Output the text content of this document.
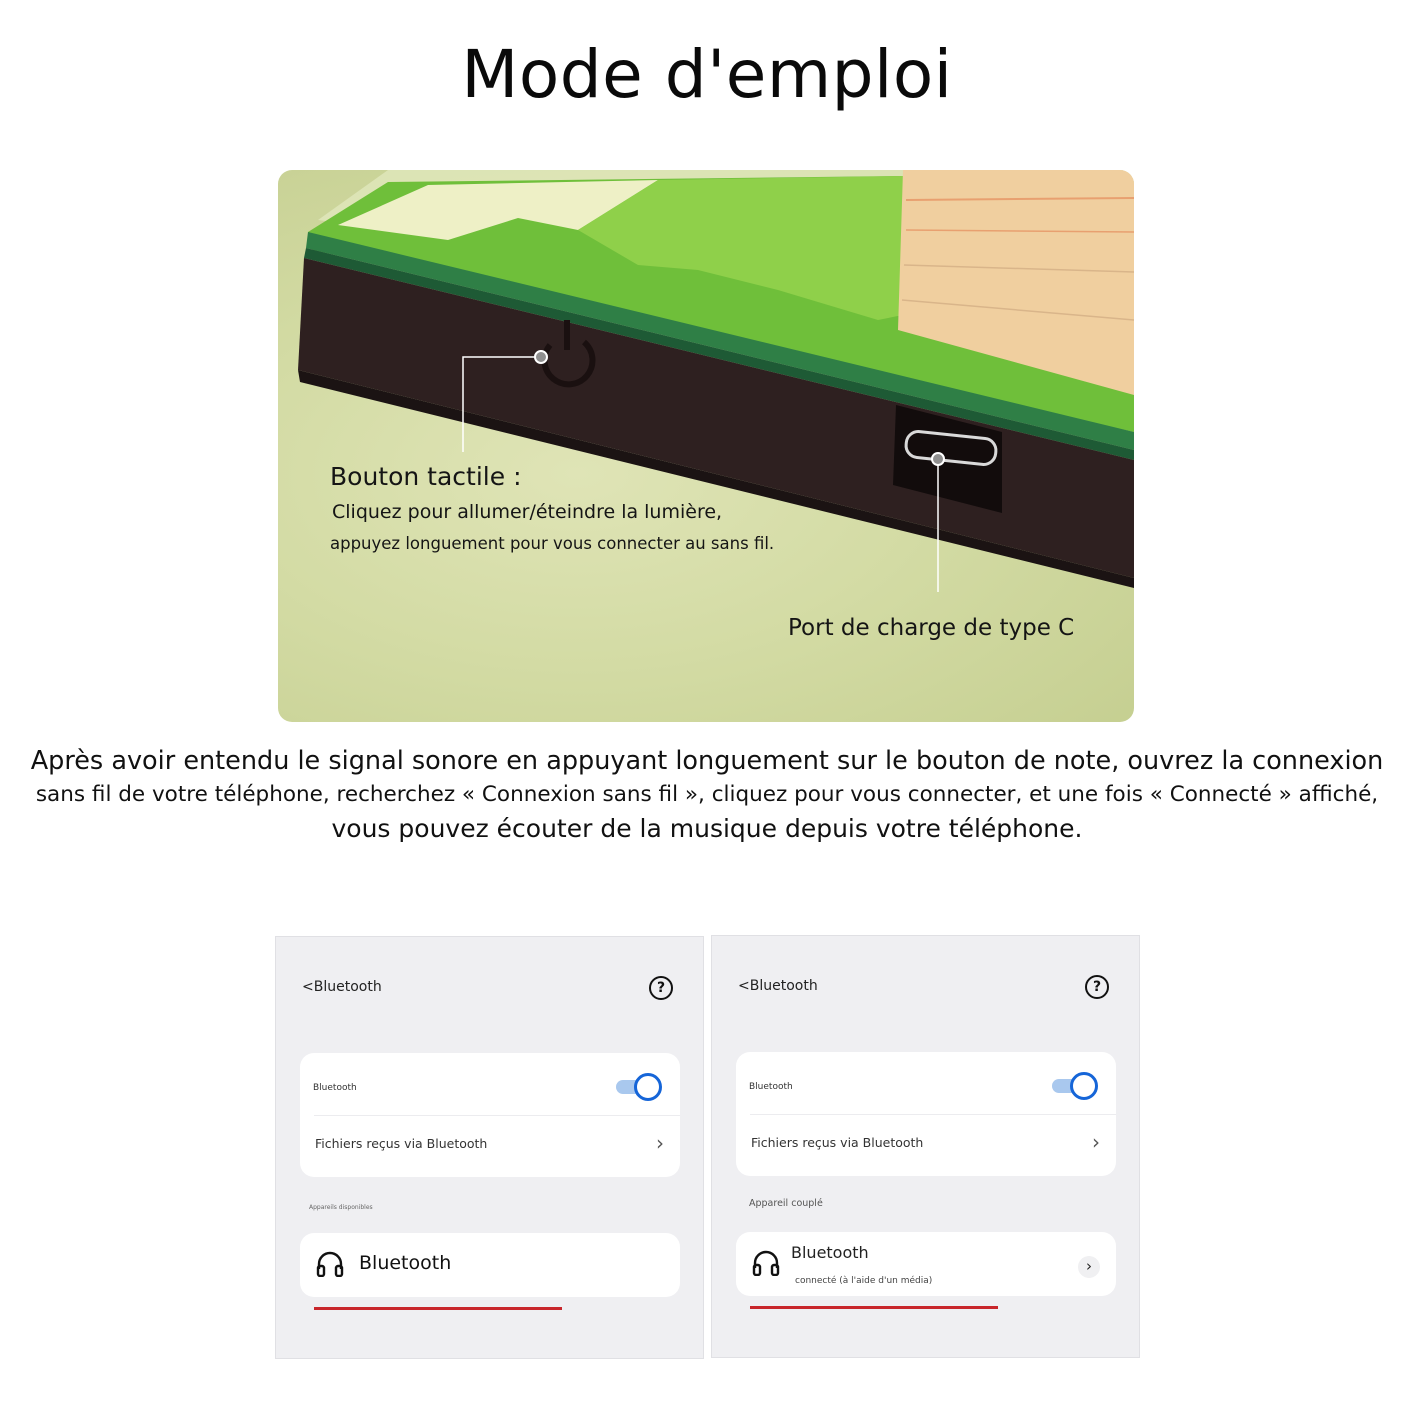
Mode d'emploi
Bouton tactile :
Cliquez pour allumer/éteindre la lumière,
appuyez longuement pour vous connecter au sans fil.
Port de charge de type C
Après avoir entendu le signal sonore en appuyant longuement sur le bouton de note, ouvrez la connexion
sans fil de votre téléphone, recherchez « Connexion sans fil », cliquez pour vous connecter, et une fois « Connecté » affiché,
vous pouvez écouter de la musique depuis votre téléphone.
<Bluetooth	?
Bluetooth
Fichiers reçus via Bluetooth	›
Appareils disponibles
Bluetooth
<Bluetooth	?
Bluetooth
Fichiers reçus via Bluetooth	›
Appareil couplé
Bluetooth
connecté (à l'aide d'un média)
›
